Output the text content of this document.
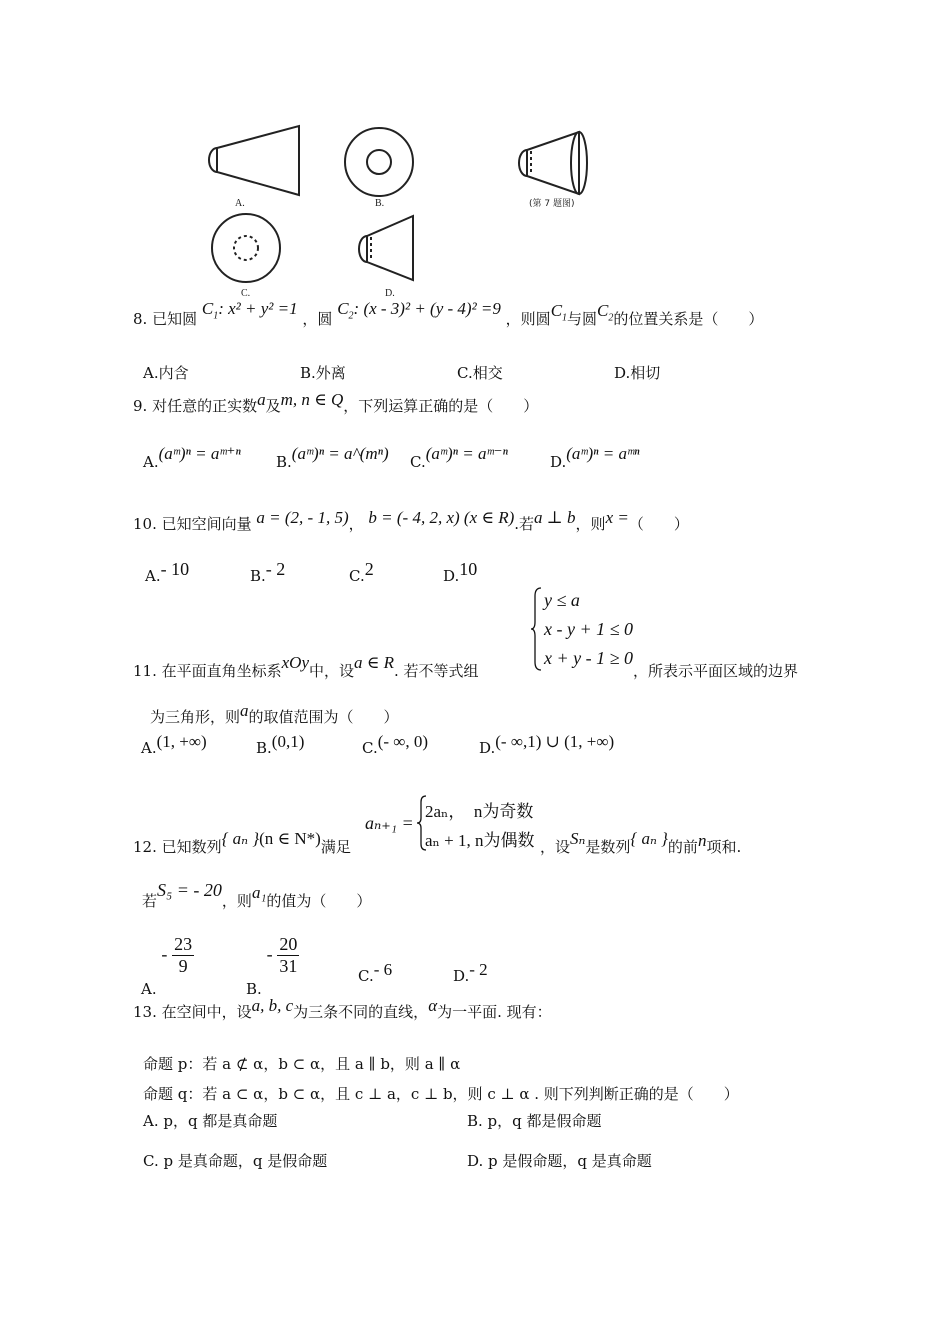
A.	B.
C.	D.
(第 7 题图)
8. 已知圆 $C_1$: x² + y² =1 ，圆 $C_2$: (x - 3)² + (y - 4)² =9 ，则圆$C_1$与圆$C_2$的位置关系是（　　）
A.内含	B.外离	C.相交	D.相切
9. 对任意的正实数a及m, n ∈ Q，下列运算正确的是（　　）
A.(aᵐ)ⁿ = aᵐ⁺ⁿ B.(aᵐ)ⁿ = a^(mⁿ) C.(aᵐ)ⁿ = aᵐ⁻ⁿ	D.(aᵐ)ⁿ = aᵐⁿ
10. 已知空间向量 a = (2, - 1, 5)， b = (- 4, 2, x) (x ∈ R).若a ⊥ b，则x =（　　）
A.- 10	B.- 2	C.2	D.10
y ≤ a
x - y + 1 ≤ 0
x + y - 1 ≥ 0
11. 在平面直角坐标系xOy中，设a ∈ R. 若不等式组	，所表示平面区域的边界
为三角形，则a的取值范围为（　　）
A.(1, +∞)	B.(0,1)	C.(- ∞, 0)	D.(- ∞,1) ∪ (1, +∞)
aₙ₊₁ =
2aₙ，　n为奇数
aₙ + 1, n为偶数
12. 已知数列{ aₙ }(n ∈ N*)满足	，设Sₙ是数列{ aₙ }的前n项和.
若S₅ = - 20，则a₁的值为（　　）
A. - $\frac{23}{9}$
B. - $\frac{20}{31}$	C.- 6	D.- 2
13. 在空间中，设a, b, c为三条不同的直线，α为一平面. 现有：
命题 p：若 a ⊄ α，b ⊂ α，且 a ∥ b，则 a ∥ α
命题 q：若 a ⊂ α，b ⊂ α，且 c ⊥ a，c ⊥ b，则 c ⊥ α . 则下列判断正确的是（　　）
A. p，q 都是真命题	B. p，q 都是假命题
C. p 是真命题，q 是假命题	D. p 是假命题，q 是真命题
